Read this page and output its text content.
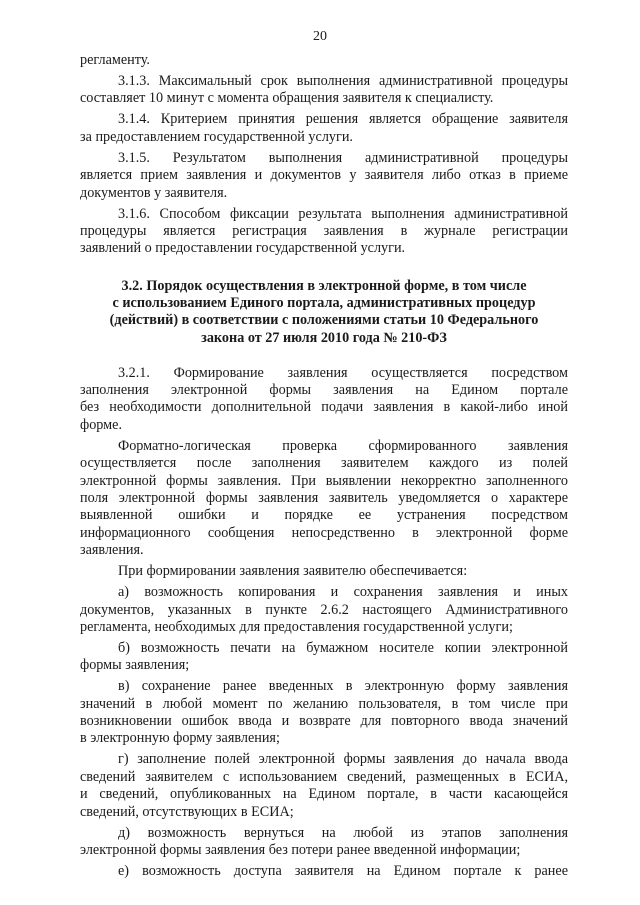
20
регламенту.
3.1.3. Максимальный срок выполнения административной процедуры
составляет 10 минут с момента обращения заявителя к специалисту.
3.1.4. Критерием принятия решения является обращение заявителя
за предоставлением государственной услуги.
3.1.5. Результатом выполнения административной процедуры
является прием заявления и документов у заявителя либо отказ в приеме
документов у заявителя.
3.1.6. Способом фиксации результата выполнения административной
процедуры является регистрация заявления в журнале регистрации
заявлений о предоставлении государственной услуги.
3.2. Порядок осуществления в электронной форме, в том числе
с использованием Единого портала, административных процедур
(действий) в соответствии с положениями статьи 10 Федерального
закона от 27 июля 2010 года № 210-ФЗ
3.2.1. Формирование заявления осуществляется посредством
заполнения электронной формы заявления на Едином портале
без необходимости дополнительной подачи заявления в какой-либо иной
форме.
Форматно-логическая проверка сформированного заявления
осуществляется после заполнения заявителем каждого из полей
электронной формы заявления. При выявлении некорректно заполненного
поля электронной формы заявления заявитель уведомляется о характере
выявленной ошибки и порядке ее устранения посредством
информационного сообщения непосредственно в электронной форме
заявления.
При формировании заявления заявителю обеспечивается:
а) возможность копирования и сохранения заявления и иных
документов, указанных в пункте 2.6.2 настоящего Административного
регламента, необходимых для предоставления государственной услуги;
б) возможность печати на бумажном носителе копии электронной
формы заявления;
в) сохранение ранее введенных в электронную форму заявления
значений в любой момент по желанию пользователя, в том числе при
возникновении ошибок ввода и возврате для повторного ввода значений
в электронную форму заявления;
г) заполнение полей электронной формы заявления до начала ввода
сведений заявителем с использованием сведений, размещенных в ЕСИА,
и сведений, опубликованных на Едином портале, в части касающейся
сведений, отсутствующих в ЕСИА;
д) возможность вернуться на любой из этапов заполнения
электронной формы заявления без потери ранее введенной информации;
е) возможность доступа заявителя на Едином портале к ранее
